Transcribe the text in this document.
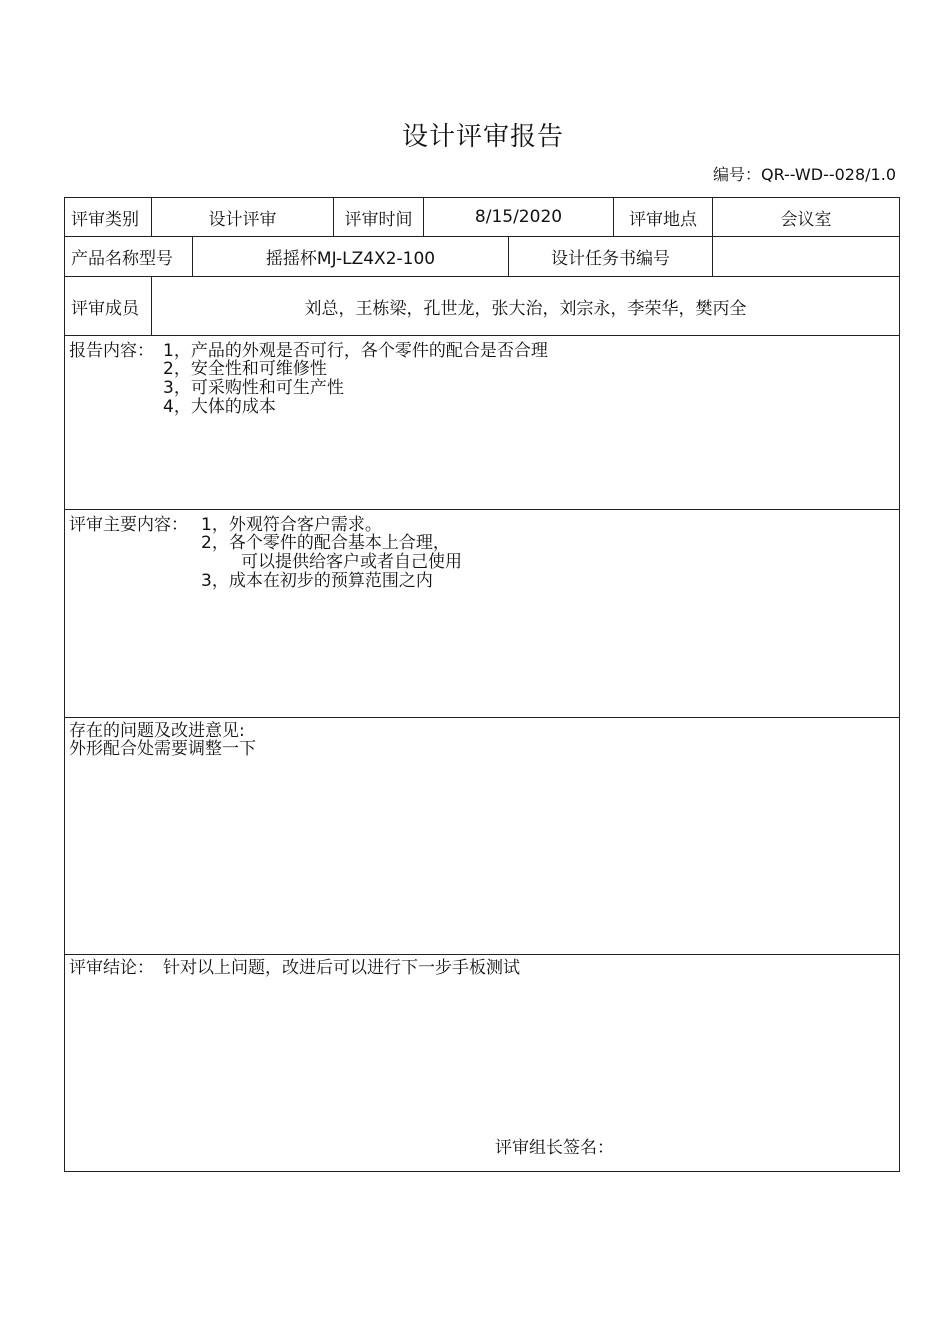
设计评审报告
编号：QR--WD--028/1.0
评审类别	设计评审	评审时间	8/15/2020	评审地点	会议室
产品名称型号	摇摇杯MJ-LZ4X2-100	设计任务书编号
评审成员	刘总，王栋梁，孔世龙，张大治，刘宗永，李荣华，樊丙全
报告内容： 1，产品的外观是否可行，各个零件的配合是否合理
2，安全性和可维修性
3，可采购性和可生产性
4，大体的成本
评审主要内容： 1，外观符合客户需求。
2，各个零件的配合基本上合理，
可以提供给客户或者自己使用
3，成本在初步的预算范围之内
存在的问题及改进意见:
外形配合处需要调整一下
评审结论： 针对以上问题，改进后可以进行下一步手板测试
评审组长签名：
